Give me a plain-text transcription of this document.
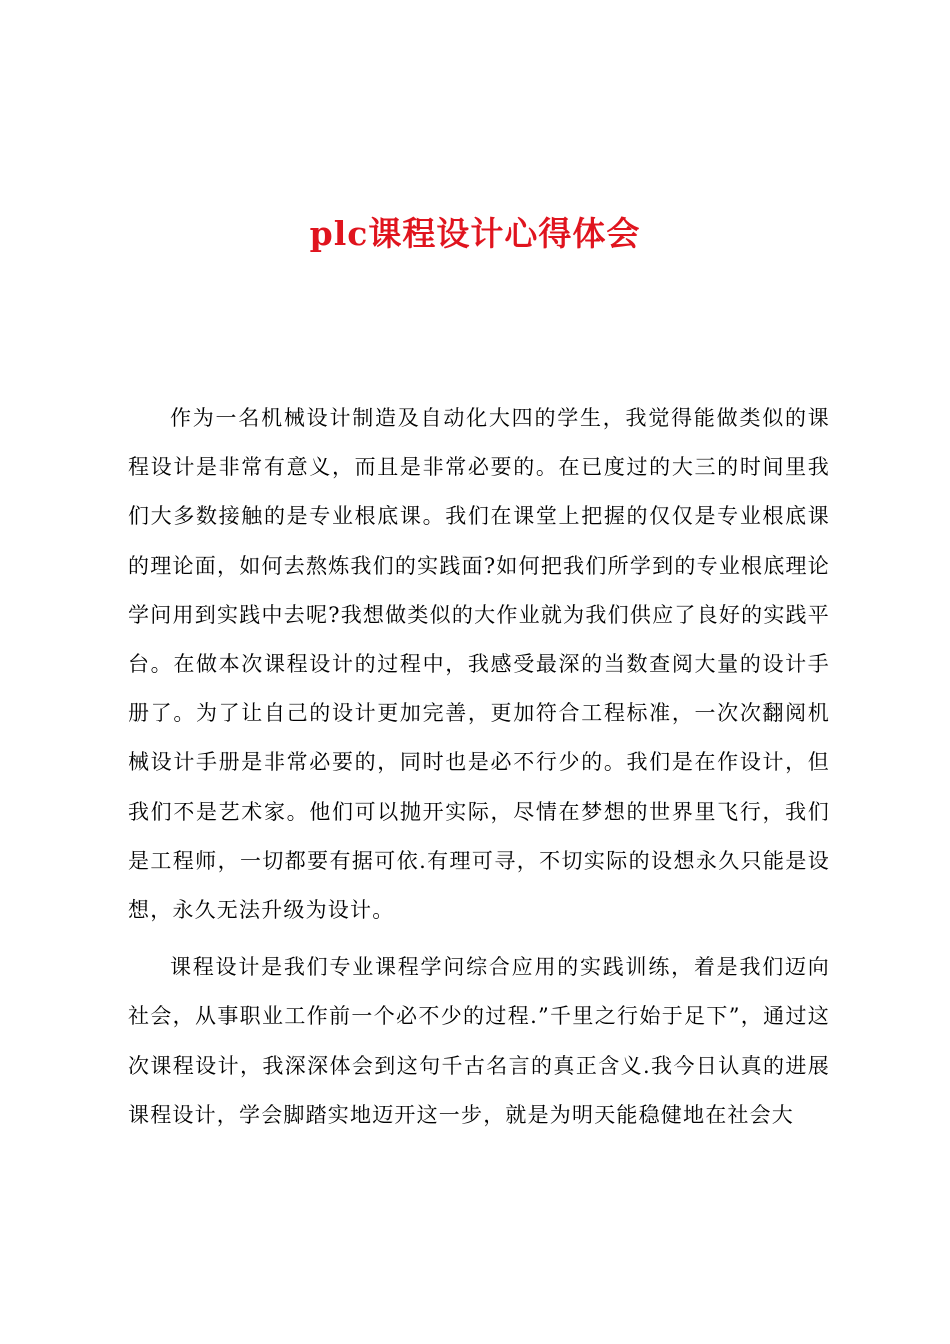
plc课程设计心得体会

作为一名机械设计制造及自动化大四的学生，我觉得能做类似的课程设计是非常有意义，而且是非常必要的。在已度过的大三的时间里我们大多数接触的是专业根底课。我们在课堂上把握的仅仅是专业根底课的理论面，如何去熬炼我们的实践面?如何把我们所学到的专业根底理论学问用到实践中去呢?我想做类似的大作业就为我们供应了良好的实践平台。在做本次课程设计的过程中，我感受最深的当数查阅大量的设计手册了。为了让自己的设计更加完善，更加符合工程标准，一次次翻阅机械设计手册是非常必要的，同时也是必不行少的。我们是在作设计，但我们不是艺术家。他们可以抛开实际，尽情在梦想的世界里飞行，我们是工程师，一切都要有据可依.有理可寻，不切实际的设想永久只能是设想，永久无法升级为设计。

课程设计是我们专业课程学问综合应用的实践训练，着是我们迈向社会，从事职业工作前一个必不少的过程.”千里之行始于足下”，通过这次课程设计，我深深体会到这句千古名言的真正含义.我今日认真的进展课程设计，学会脚踏实地迈开这一步，就是为明天能稳健地在社会大
